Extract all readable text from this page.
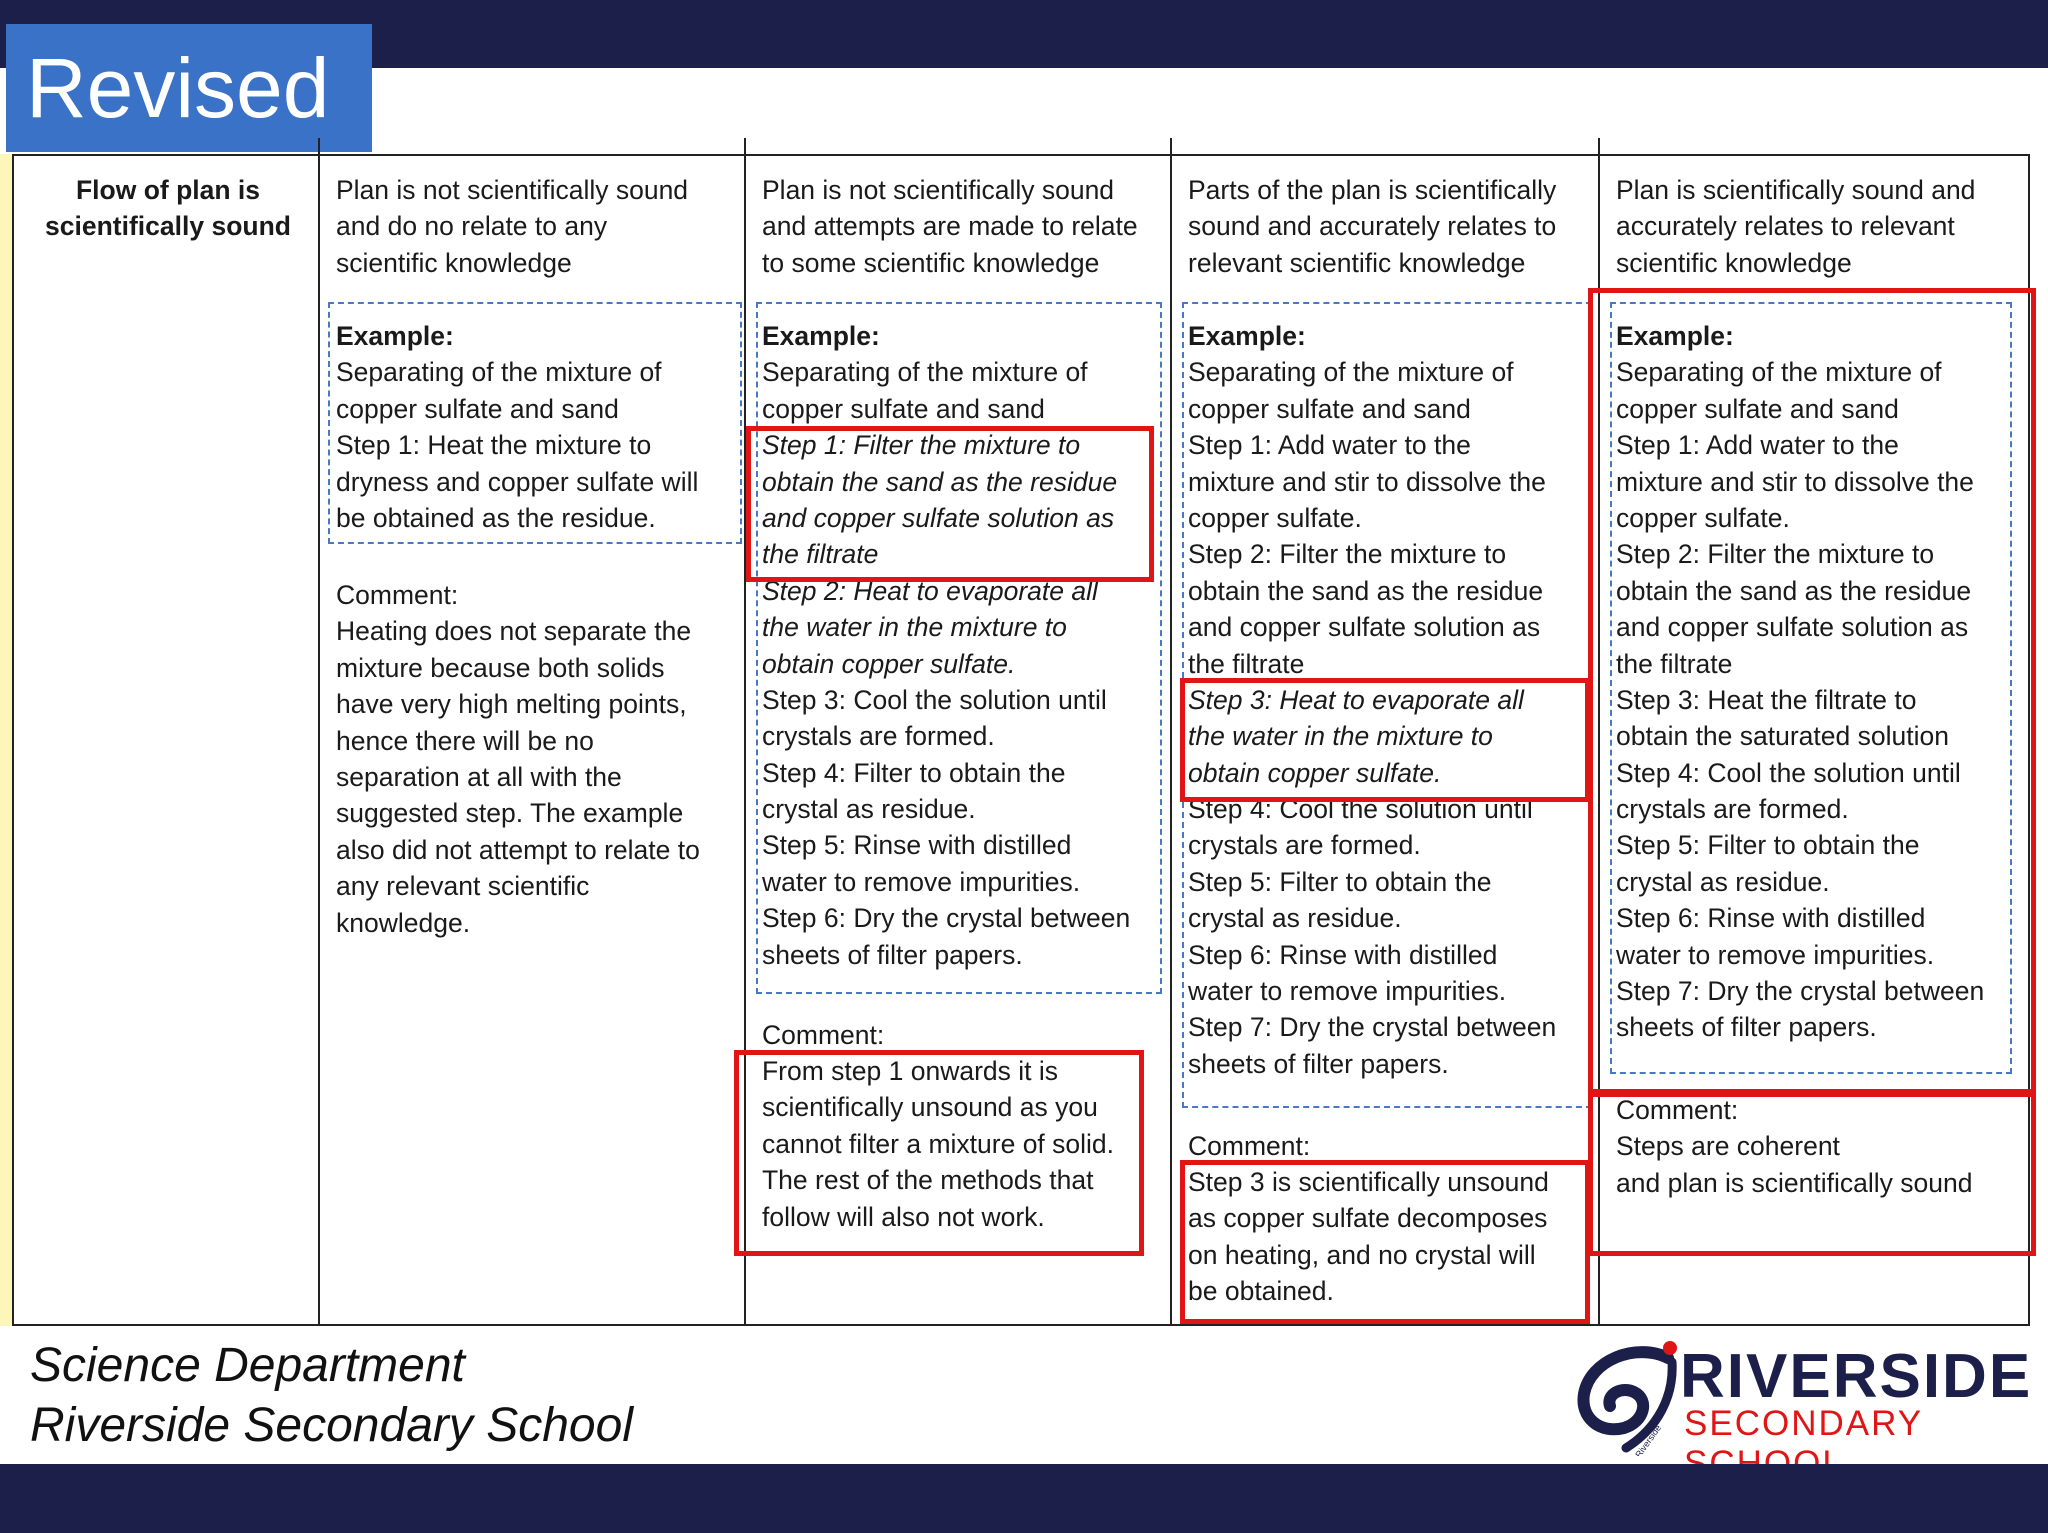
Revised
Flow of plan is
scientifically sound
Plan is not scientifically sound
and do no relate to any
scientific knowledge
Example:
Separating of the mixture of
copper sulfate and sand
Step 1: Heat the mixture to
dryness and copper sulfate will
be obtained as the residue.
Comment:
Heating does not separate the
mixture because both solids
have very high melting points,
hence there will be no
separation at all with the
suggested step. The example
also did not attempt to relate to
any relevant scientific
knowledge.
Plan is not scientifically sound
and attempts are made to relate
to some scientific knowledge
Example:
Separating of the mixture of
copper sulfate and sand
Step 1: Filter the mixture to
obtain the sand as the residue
and copper sulfate solution as
the filtrate
Step 2: Heat to evaporate all
the water in the mixture to
obtain copper sulfate.
Step 3: Cool the solution until
crystals are formed.
Step 4: Filter to obtain the
crystal as residue.
Step 5: Rinse with distilled
water to remove impurities.
Step 6: Dry the crystal between
sheets of filter papers.
Comment:
From step 1 onwards it is
scientifically unsound as you
cannot filter a mixture of solid.
The rest of the methods that
follow will also not work.
Parts of the plan is scientifically
sound and accurately relates to
relevant scientific knowledge
Example:
Separating of the mixture of
copper sulfate and sand
Step 1: Add water to the
mixture and stir to dissolve the
copper sulfate.
Step 2: Filter the mixture to
obtain the sand as the residue
and copper sulfate solution as
the filtrate
Step 3: Heat to evaporate all
the water in the mixture to
obtain copper sulfate.
Step 4: Cool the solution until
crystals are formed.
Step 5: Filter to obtain the
crystal as residue.
Step 6: Rinse with distilled
water to remove impurities.
Step 7: Dry the crystal between
sheets of filter papers.
Comment:
Step 3 is scientifically unsound
as copper sulfate decomposes
on heating, and no crystal will
be obtained.
Plan is scientifically sound and
accurately relates to relevant
scientific knowledge
Example:
Separating of the mixture of
copper sulfate and sand
Step 1: Add water to the
mixture and stir to dissolve the
copper sulfate.
Step 2: Filter the mixture to
obtain the sand as the residue
and copper sulfate solution as
the filtrate
Step 3: Heat the filtrate to
obtain the saturated solution
Step 4: Cool the solution until
crystals are formed.
Step 5: Filter to obtain the
crystal as residue.
Step 6: Rinse with distilled
water to remove impurities.
Step 7: Dry the crystal between
sheets of filter papers.
Comment:
Steps are coherent
and plan is scientifically sound
Science Department
Riverside Secondary School	Riverside
RIVERSIDE
SECONDARY
